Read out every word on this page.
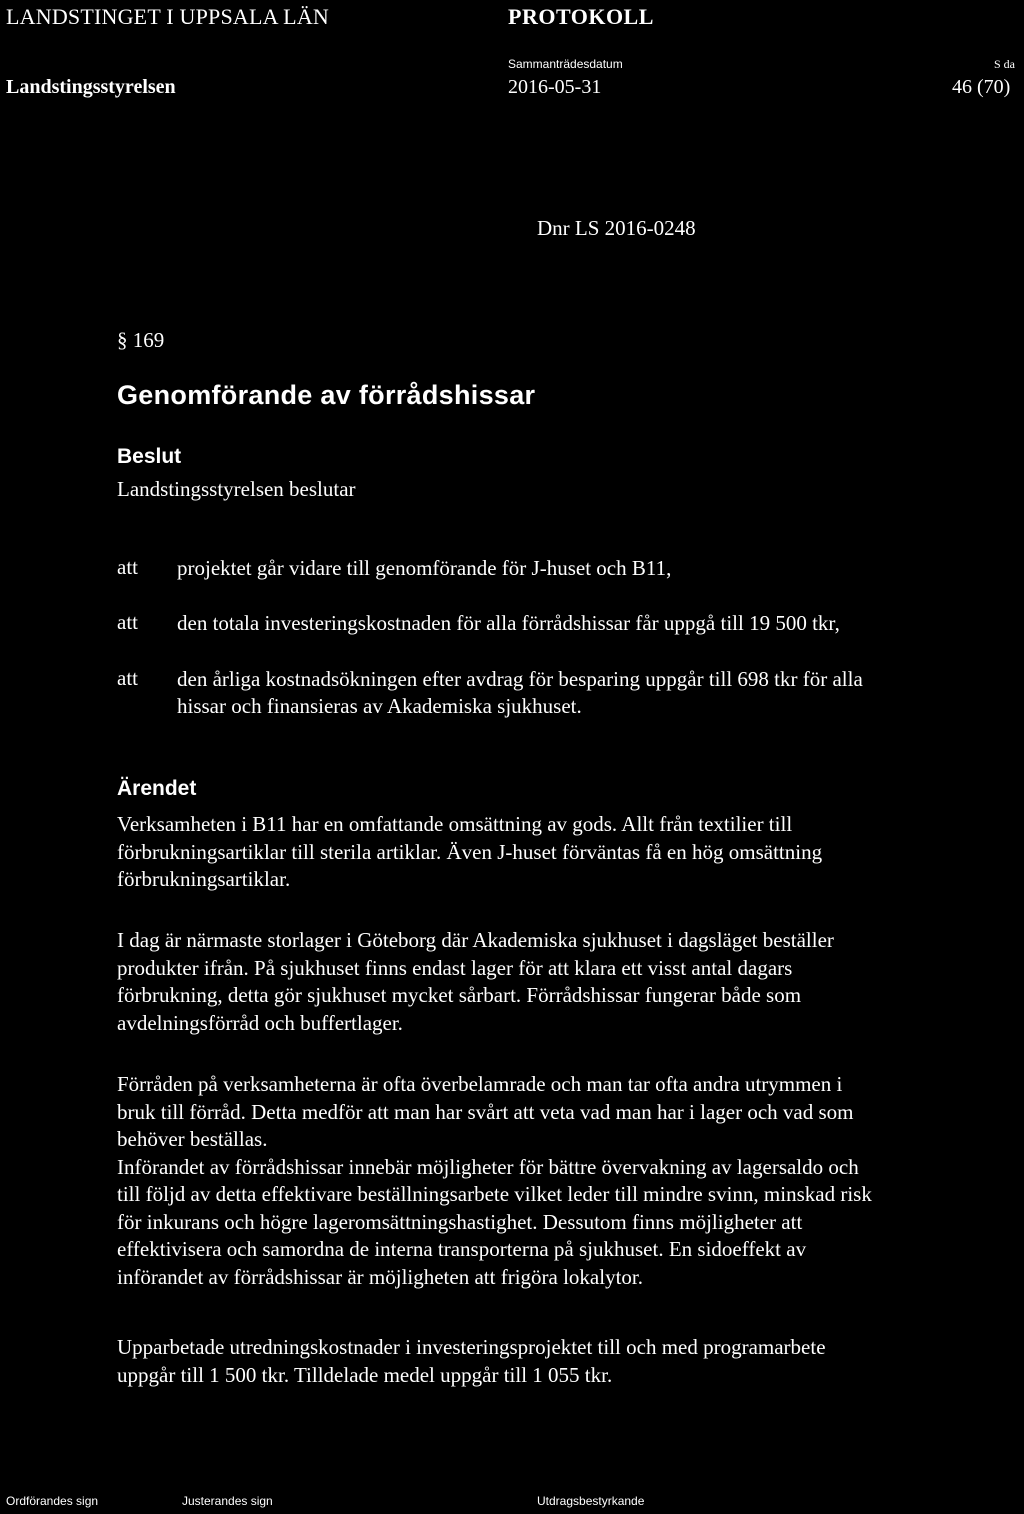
LANDSTINGET I UPPSALA LÄN	PROTOKOLL
Sammanträdesdatum	S da
Landstingsstyrelsen	2016-05-31	46 (70)
Dnr LS 2016-0248
§ 169
Genomförande av förrådshissar
Beslut
Landstingsstyrelsen beslutar
att projektet går vidare till genomförande för J-huset och B11,
att den totala investeringskostnaden för alla förrådshissar får uppgå till 19 500 tkr,
att den årliga kostnadsökningen efter avdrag för besparing uppgår till 698 tkr för alla
hissar och finansieras av Akademiska sjukhuset.
Ärendet
Verksamheten i B11 har en omfattande omsättning av gods. Allt från textilier till
förbrukningsartiklar till sterila artiklar. Även J-huset förväntas få en hög omsättning
förbrukningsartiklar.
I dag är närmaste storlager i Göteborg där Akademiska sjukhuset i dagsläget beställer
produkter ifrån. På sjukhuset finns endast lager för att klara ett visst antal dagars
förbrukning, detta gör sjukhuset mycket sårbart. Förrådshissar fungerar både som
avdelningsförråd och buffertlager.
Förråden på verksamheterna är ofta överbelamrade och man tar ofta andra utrymmen i
bruk till förråd. Detta medför att man har svårt att veta vad man har i lager och vad som
behöver beställas.
Införandet av förrådshissar innebär möjligheter för bättre övervakning av lagersaldo och
till följd av detta effektivare beställningsarbete vilket leder till mindre svinn, minskad risk
för inkurans och högre lageromsättningshastighet. Dessutom finns möjligheter att
effektivisera och samordna de interna transporterna på sjukhuset. En sidoeffekt av
införandet av förrådshissar är möjligheten att frigöra lokalytor.
Upparbetade utredningskostnader i investeringsprojektet till och med programarbete
uppgår till 1 500 tkr. Tilldelade medel uppgår till 1 055 tkr.
Ordförandes sign	Justerandes sign	Utdragsbestyrkande
